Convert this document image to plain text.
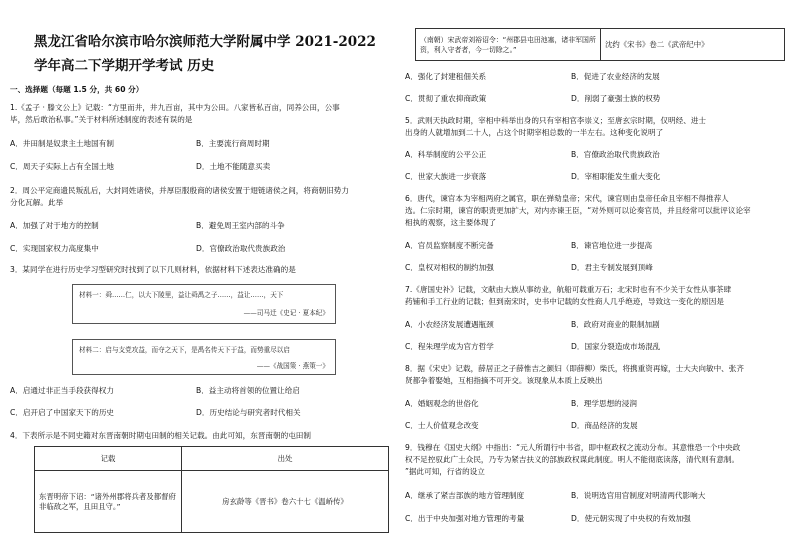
黑龙江省哈尔滨市哈尔滨师范大学附属中学 2021-2022 学年高二下学期开学考试 历史
一、选择题（每题 1.5 分，共 60 分）
1.《孟子 · 滕文公上》记载：“方里而井，井九百亩，其中为公田。八家皆私百亩，同养公田，公事
毕，然后敢治私事。”关于材料所述制度的表述有误的是
A．井田制是奴隶主土地国有制	B．主要流行商周时期
C．周天子实际上占有全国土地	D．土地不能随意买卖
2．周公平定商遗民叛乱后，大封同姓诸侯，并厚臣服殷商的诸侯安置于翅链诸侯之间，将商朝旧势力
分化瓦解。此举
A．加强了对于地方的控制	B．避免周王室内部的斗争
C．实现国家权力高度集中	D．官僚政治取代贵族政治
3．某同学在进行历史学习型研究时找到了以下几则材料，依据材料下述表达准确的是
材料一：舜……仁，以大下陵里，益让舜禹之子……，益让……，天下
——司马迁《史记 · 夏本纪》
材料二：启与支党攻益，而夺之天下，是禹名传天下于益，而势重尽以启
——《战国策 · 燕策一》
A．启通过非正当手段获得权力	B．益主动将首领的位置让给启
C．启开启了中国家天下的历史	D．历史结论与研究者时代相关
4．下表所示是不同史籍对东晋南朝时期屯田制的相关记载。由此可知，东晋南朝的屯田制
记载	出处
东晋明帝下诏：“诸外州郡将兵者及都督府非临敌之军，且田且守。”	房玄龄等《晋书》卷六十七《温峤传》
（南朝）宋武帝刘裕诏令：“州郡县屯田池塞，诸非军国所资，利入守者者，今一切除之。”	沈约《宋书》卷二《武帝纪中》
A．强化了封建租佃关系	B．促进了农业经济的发展
C．贯彻了重农抑商政策	D．削弱了豪强士族的权势
5．武则天执政时期，宰相中科举出身的只有宰相官李崇义；至唐玄宗时期，仅明经、进士
出身的人就增加到二十人，占这个时期宰相总数的一半左右。这种变化说明了
A．科举制度的公平公正	B．官僚政治取代贵族政治
C．世家大族进一步衰落	D．宰相职能发生重大变化
6．唐代，谏官本为宰相两府之属官，职在弹劾皇帝；宋代，谏官则由皇帝任命且宰相不得推荐人
选。仁宗时期，谏官的职责更加扩大，对内亦谏王臣，“对外则可以论奏官员，并且经常可以批评议论宰
相执的观察，这主要体现了
A．官员监察制度不断完备	B．谏官地位进一步提高
C．皇权对相权的制约加强	D．君主专制发展到顶峰
7.《唐国史补》记载，文献由大族从事纺业，航船可载重万石；北宋时也有不少关于女性从事茶肆
药铺和手工行业的记载；但到南宋时，史书中记载的女性商人几乎绝迹，导致这一变化的原因是
A．小农经济发展遭遇瓶颈	B．政府对商业的限制加剧
C．程朱理学成为官方哲学	D．国家分裂造成市场混乱
8．据《宋史》记载，薛居正之子薛惟吉之颜妇（即薛柳）柴氏，将携重资再嫁，士大夫向敏中、张齐
贤都争着娶她，互相指摘不可开交。该现象从本质上反映出
A．婚姻观念的世俗化	B．理学思想的浸润
C．士人价值观念改变	D．商品经济的发展
9．钱穆在《国史大纲》中指出：“元人所谓行中书省，即中枢政权之流动分布。其意惟恐一个中央政
权不足控驭此广土众民，乃专为紧吉扶义的部族政权谋此制度。明人不能彻底读落，清代则有意制。
”据此可知，行省的设立
A．继承了紧吉部族的地方管理制度	B．说明选官用官制度对明清两代影响大
C．出于中央加强对地方管理的考量	D．使元朝实现了中央权的有效加强
